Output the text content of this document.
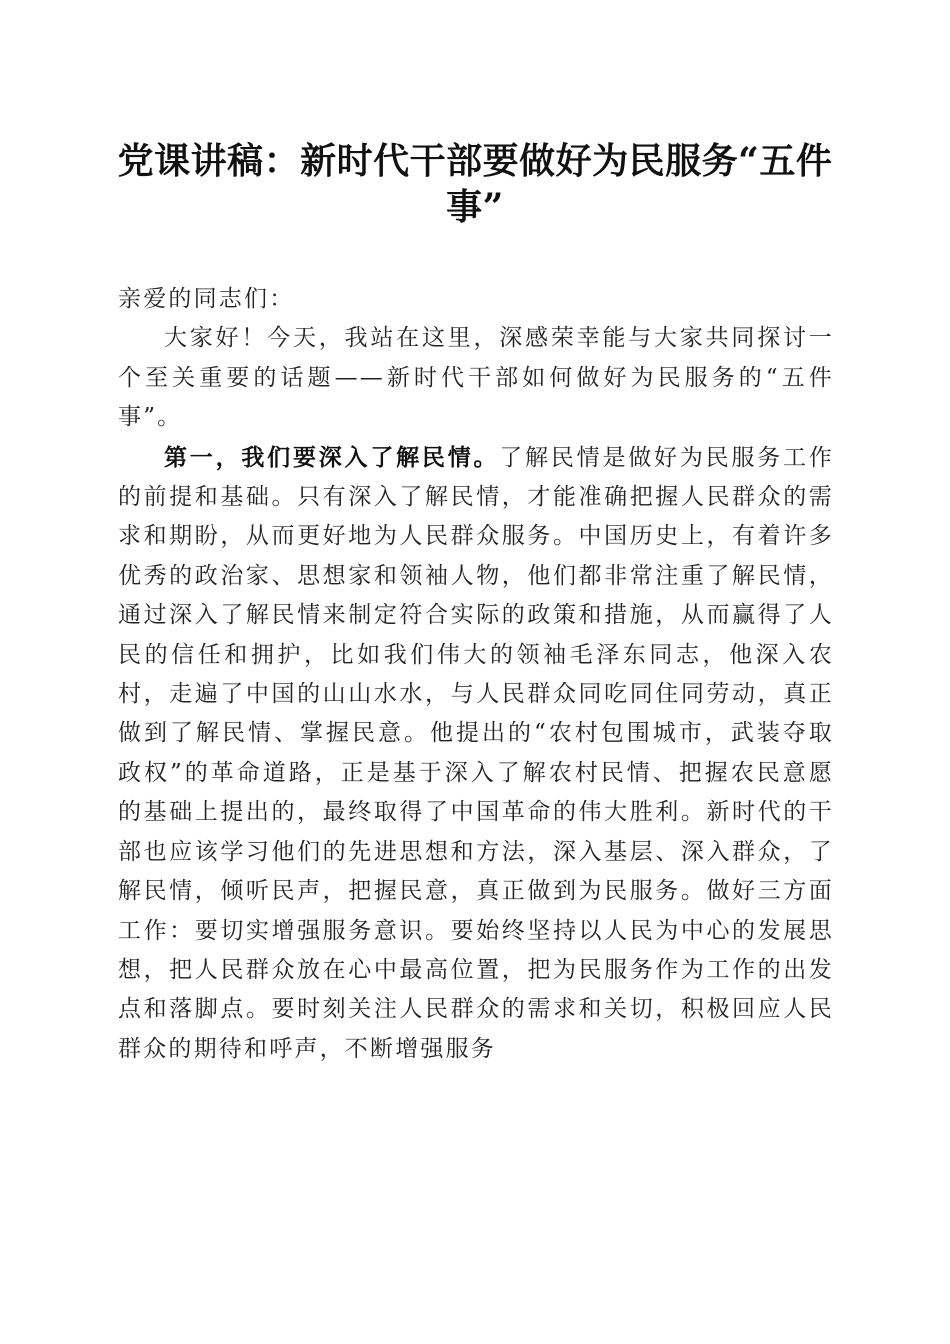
党课讲稿：新时代干部要做好为民服务“五件事”

亲爱的同志们：

大家好！今天，我站在这里，深感荣幸能与大家共同探讨一个至关重要的话题——新时代干部如何做好为民服务的“五件事”。

第一，我们要深入了解民情。了解民情是做好为民服务工作的前提和基础。只有深入了解民情，才能准确把握人民群众的需求和期盼，从而更好地为人民群众服务。中国历史上，有着许多优秀的政治家、思想家和领袖人物，他们都非常注重了解民情，通过深入了解民情来制定符合实际的政策和措施，从而赢得了人民的信任和拥护，比如我们伟大的领袖毛泽东同志，他深入农村，走遍了中国的山山水水，与人民群众同吃同住同劳动，真正做到了解民情、掌握民意。他提出的“农村包围城市，武装夺取政权”的革命道路，正是基于深入了解农村民情、把握农民意愿的基础上提出的，最终取得了中国革命的伟大胜利。新时代的干部也应该学习他们的先进思想和方法，深入基层、深入群众，了解民情，倾听民声，把握民意，真正做到为民服务。做好三方面工作：要切实增强服务意识。要始终坚持以人民为中心的发展思想，把人民群众放在心中最高位置，把为民服务作为工作的出发点和落脚点。要时刻关注人民群众的需求和关切，积极回应人民群众的期待和呼声，不断增强服务
